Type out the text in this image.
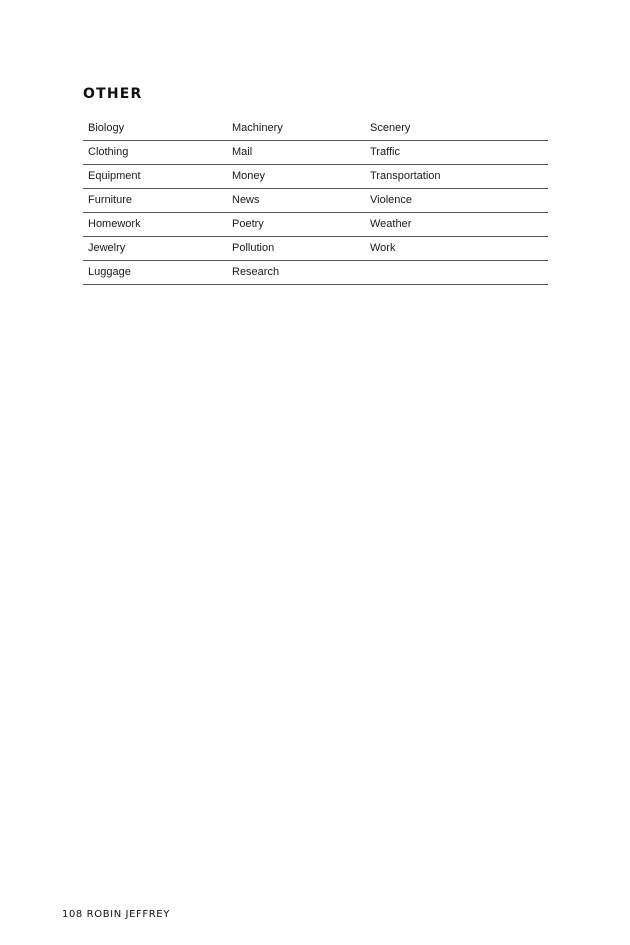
OTHER
Biology	Machinery	Scenery
Clothing	Mail	Traffic
Equipment	Money	Transportation
Furniture	News	Violence
Homework	Poetry	Weather
Jewelry	Pollution	Work
Luggage	Research	

108 ROBIN JEFFREY
